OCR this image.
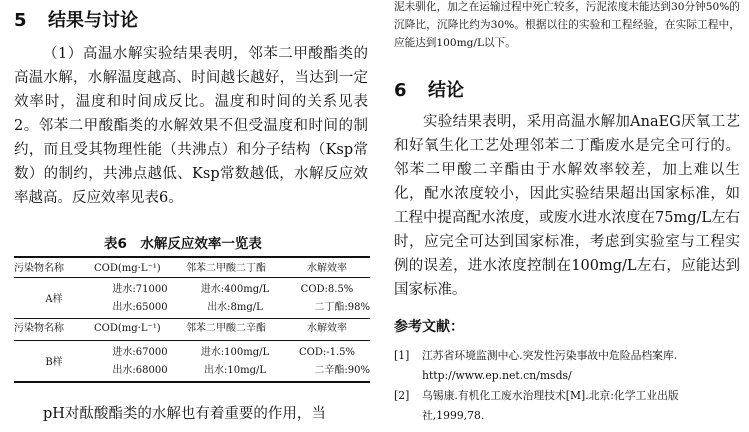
5 结果与讨论

（1）高温水解实验结果表明，邻苯二甲酸酯类的高温水解，水解温度越高、时间越长越好，当达到一定效率时，温度和时间成反比。温度和时间的关系见表2。邻苯二甲酸酯类的水解效果不但受温度和时间的制约，而且受其物理性能（共沸点）和分子结构（Ksp常数）的制约，共沸点越低、Ksp常数越低，水解反应效率越高。反应效率见表6。

表6　水解反应效率一览表
污染物名称	COD(mg·L⁻¹)	邻苯二甲酸二丁酯	水解效率
A样	进水:71000	进水:400mg/L	COD:8.5%
	出水:65000	出水:8mg/L	二丁酯:98%
污染物名称	COD(mg·L⁻¹)	邻苯二甲酸二辛酯	水解效率
B样	进水:67000	进水:100mg/L	COD:-1.5%
	出水:68000	出水:10mg/L	二辛酯:90%

pH对酞酸酯类的水解也有着重要的作用，当

泥未驯化，加之在运输过程中死亡较多，污泥浓度未能达到30分钟50%的沉降比，沉降比约为30%。根据以往的实验和工程经验，在实际工程中，应能达到100mg/L以下。

6 结论

实验结果表明，采用高温水解加AnaEG厌氧工艺和好氧生化工艺处理邻苯二丁酯废水是完全可行的。邻苯二甲酸二辛酯由于水解效率较差，加上难以生化，配水浓度较小，因此实验结果超出国家标准，如工程中提高配水浓度，或废水进水浓度在75mg/L左右时，应完全可达到国家标准，考虑到实验室与工程实例的误差，进水浓度控制在100mg/L左右，应能达到国家标准。

参考文献：
[1] 江苏省环境监测中心.突发性污染事故中危险品档案库.
http://www.ep.net.cn/msds/
[2] 乌锡康.有机化工废水治理技术[M].北京:化学工业出版
社,1999,78.
